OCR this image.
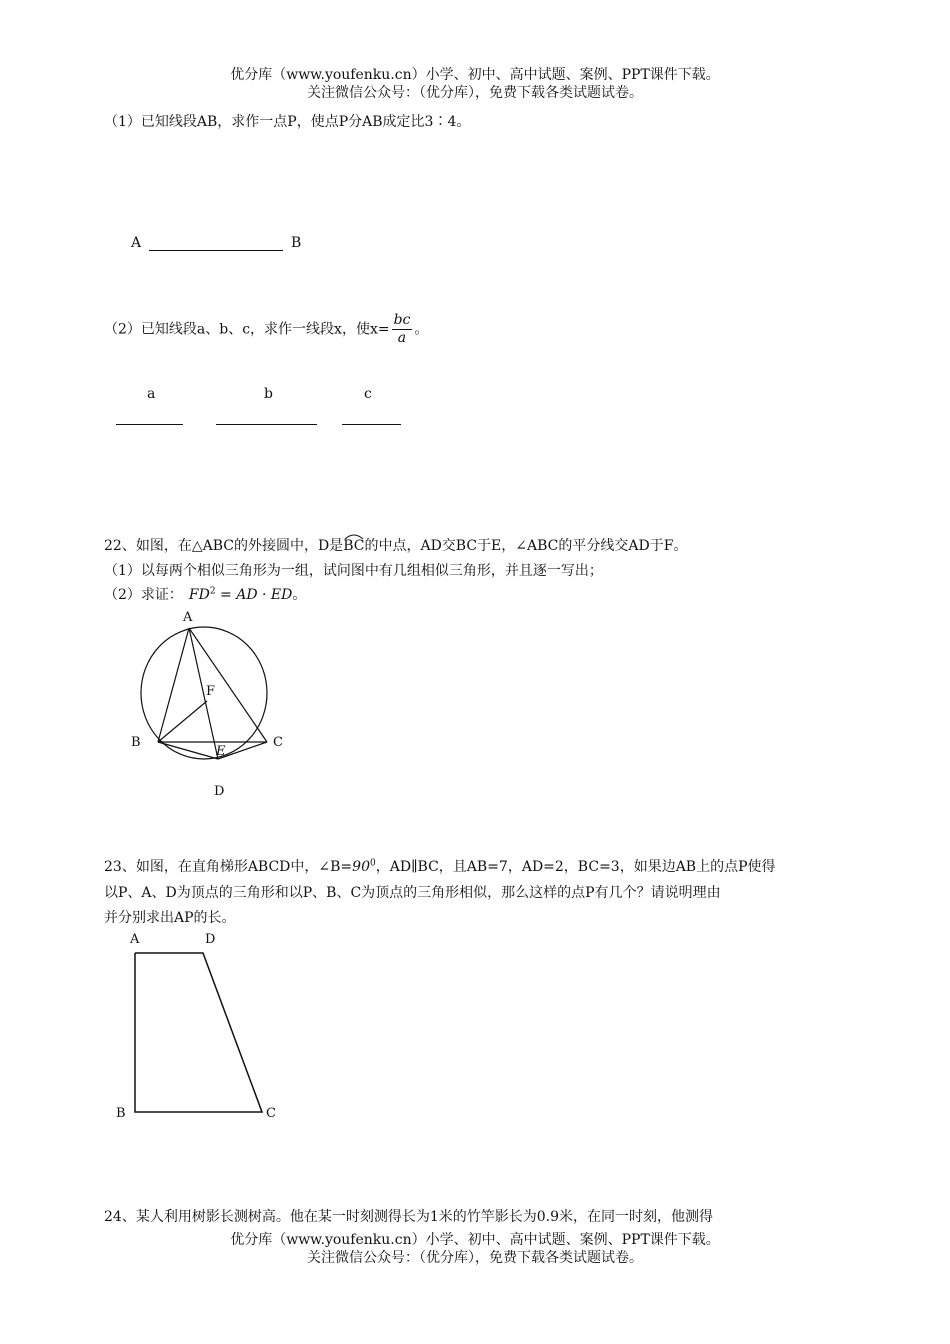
优分库（www.youfenku.cn）小学、初中、高中试题、案例、PPT课件下载。
关注微信公众号：（优分库），免费下载各类试题试卷。
（1）已知线段AB，求作一点P，使点P分AB成定比3∶4。
A	B
（2）已知线段a、b、c，求作一线段x，使$x= \frac{bc}{a}$ 。
a	b	c
22、如图，在△ABC的外接圆中，D是
BC的中点，AD交BC于E，∠ABC的平分线交AD于F。
（1）以每两个相似三角形为一组，试问图中有几组相似三角形，并且逐一写出；
（2）求证： $FD^2$ = AD · ED。
A
F
B	C
E
D
23、如图，在直角梯形ABCD中，$\angle B=90^0$，AD∥BC，且AB=7，AD=2，BC=3，如果边AB上的点P使得
以P、A、D为顶点的三角形和以P、B、C为顶点的三角形相似，那么这样的点P有几个？请说明理由
并分别求出AP的长。
A	D
B	C
24、某人利用树影长测树高。他在某一时刻测得长为1米的竹竿影长为0.9米，在同一时刻，他测得
优分库（www.youfenku.cn）小学、初中、高中试题、案例、PPT课件下载。
关注微信公众号：（优分库），免费下载各类试题试卷。
